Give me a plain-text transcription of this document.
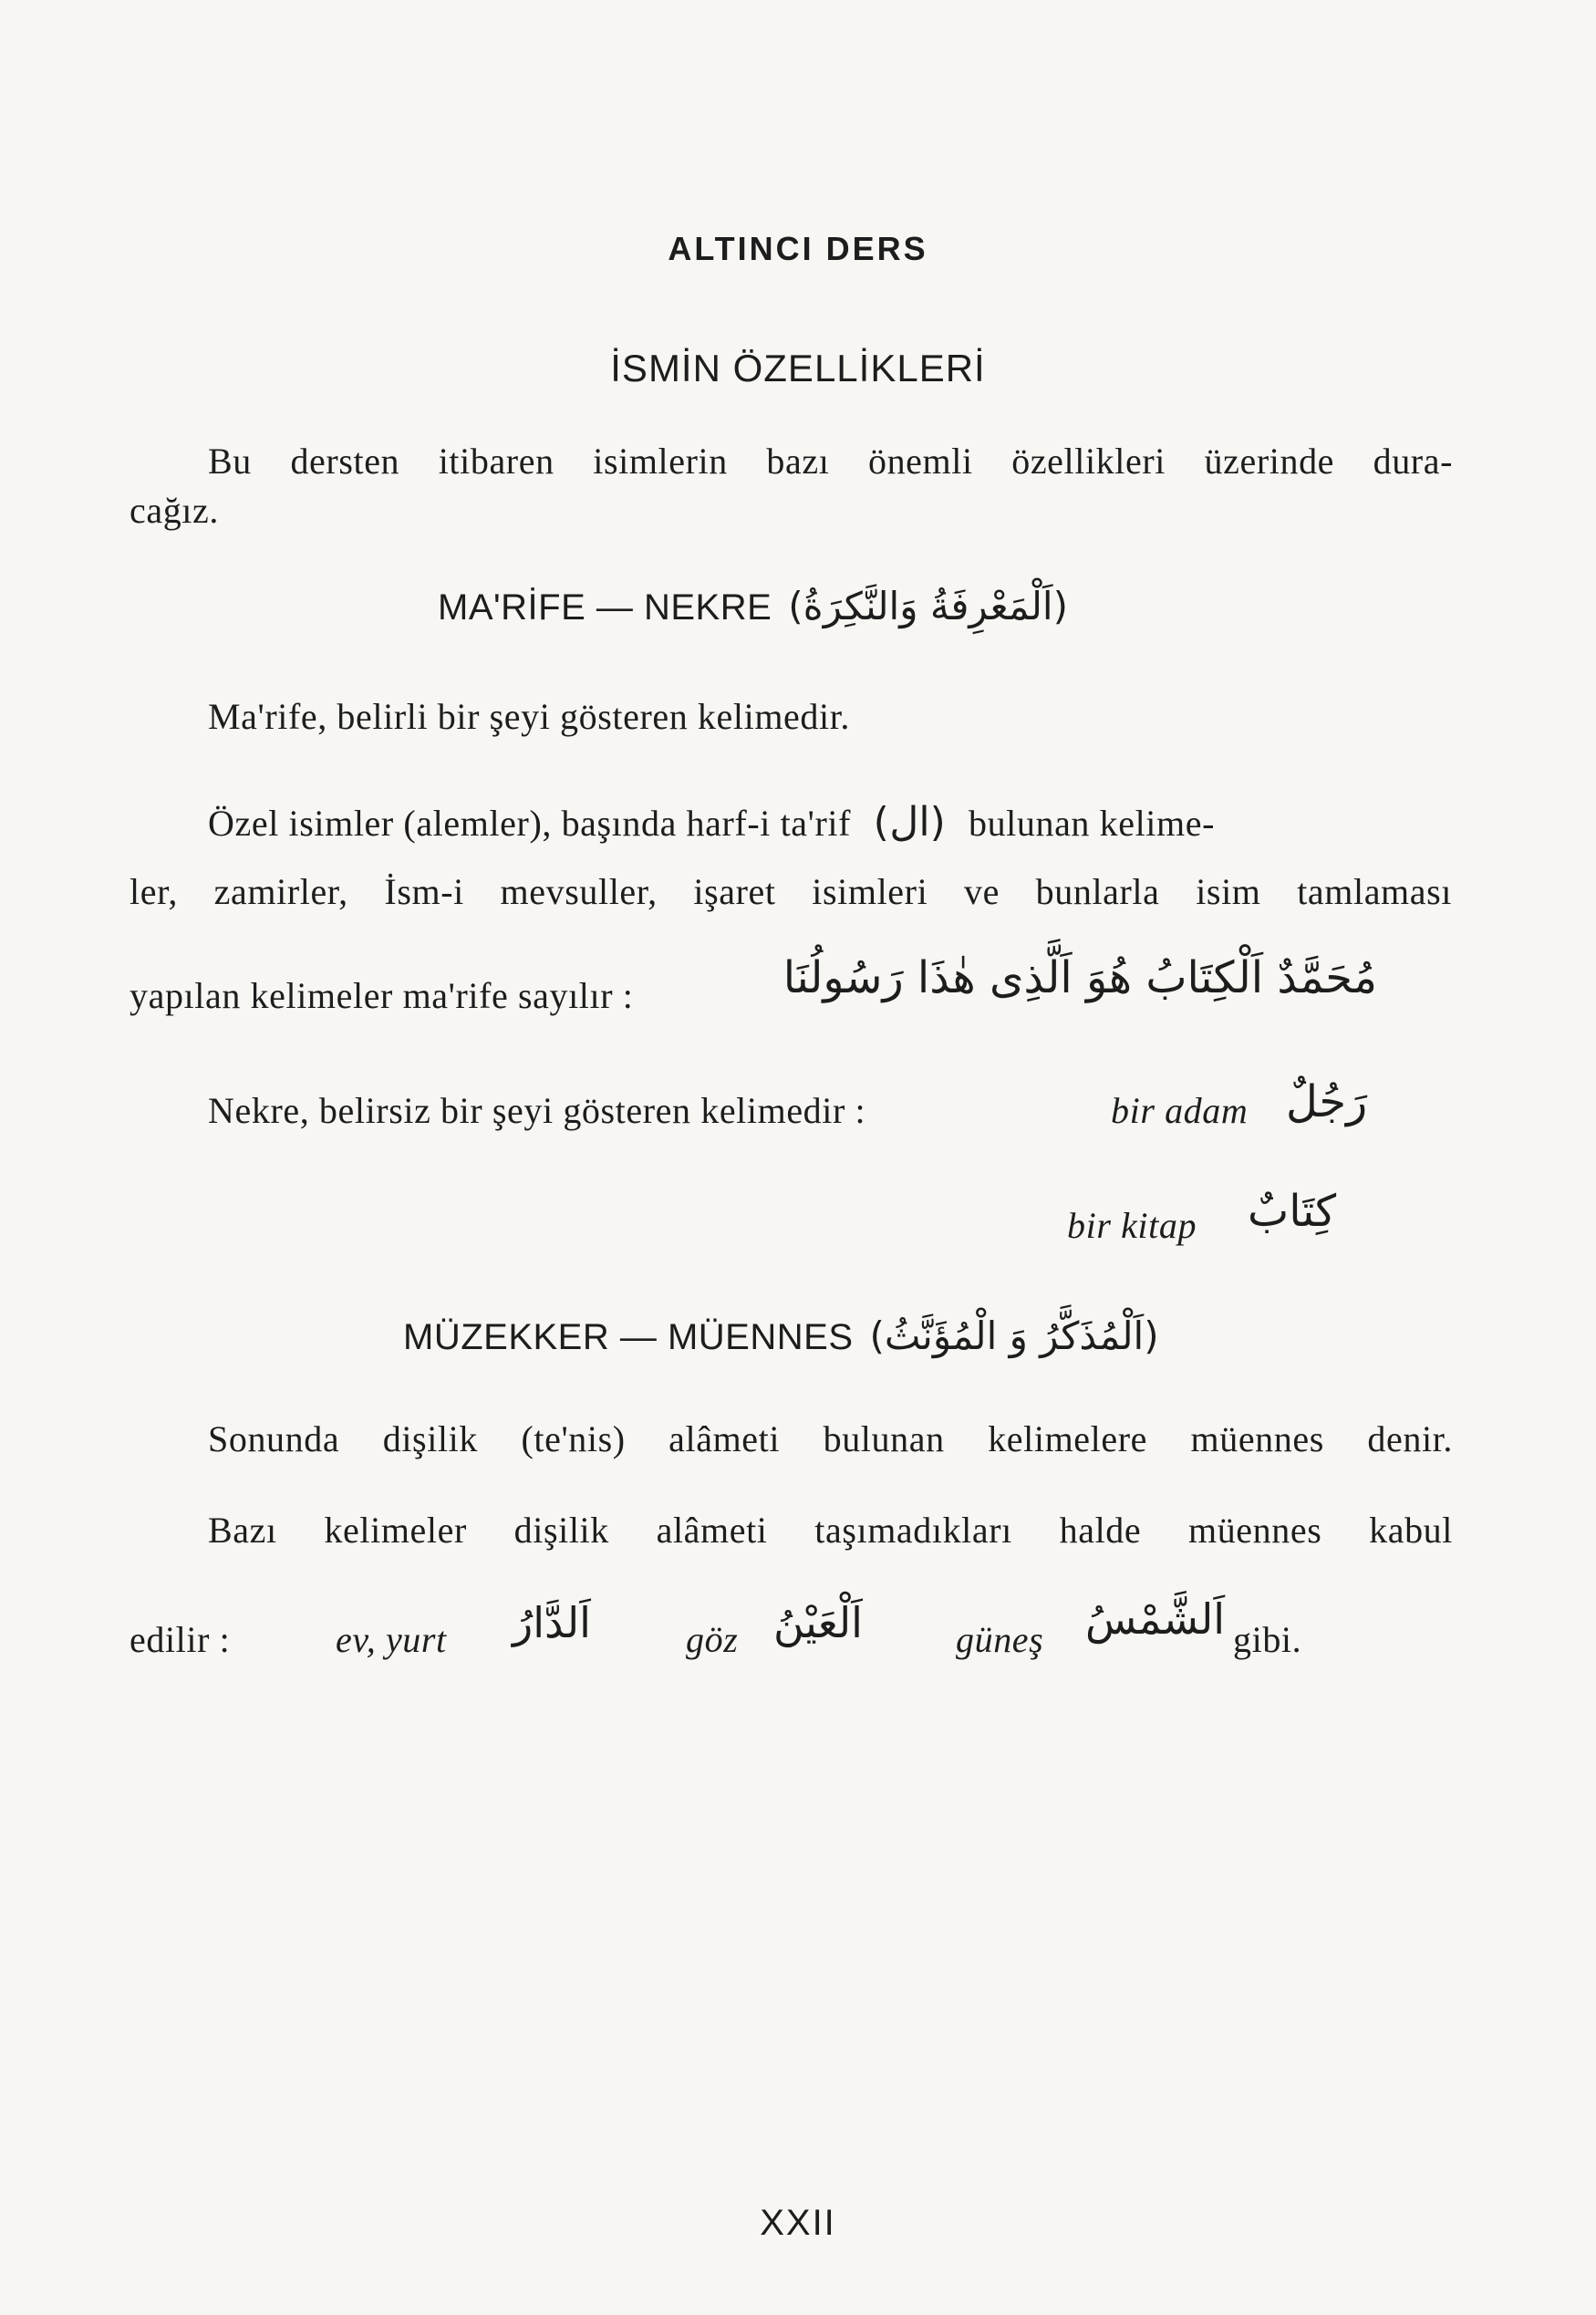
ALTINCI DERS
İSMİN ÖZELLİKLERİ
Bu dersten itibaren isimlerin bazı önemli özellikleri üzerinde dura-
cağız.
MA'RİFE — NEKRE (اَلْمَعْرِفَةُ وَالنَّكِرَةُ)
Ma'rife, belirli bir şeyi gösteren kelimedir.
Özel isimler (alemler), başında harf-i ta'rif (ال) bulunan kelime-
ler, zamirler, İsm-i mevsuller, işaret isimleri ve bunlarla isim tamlaması
yapılan kelimeler ma'rife sayılır :	مُحَمَّدٌ اَلْكِتَابُ هُوَ اَلَّذِى هٰذَا رَسُولُنَا
Nekre, belirsiz bir şeyi gösteren kelimedir :	bir adam رَجُلٌ
bir kitap كِتَابٌ
MÜZEKKER — MÜENNES (اَلْمُذَكَّرُ وَ الْمُؤَنَّثُ)
Sonunda dişilik (te'nis) alâmeti bulunan kelimelere müennes denir.
Bazı kelimeler dişilik alâmeti taşımadıkları halde müennes kabul
edilir :	ev, yurt اَلدَّارُ	göz اَلْعَيْنُ	güneş اَلشَّمْسُ gibi.
XXII
